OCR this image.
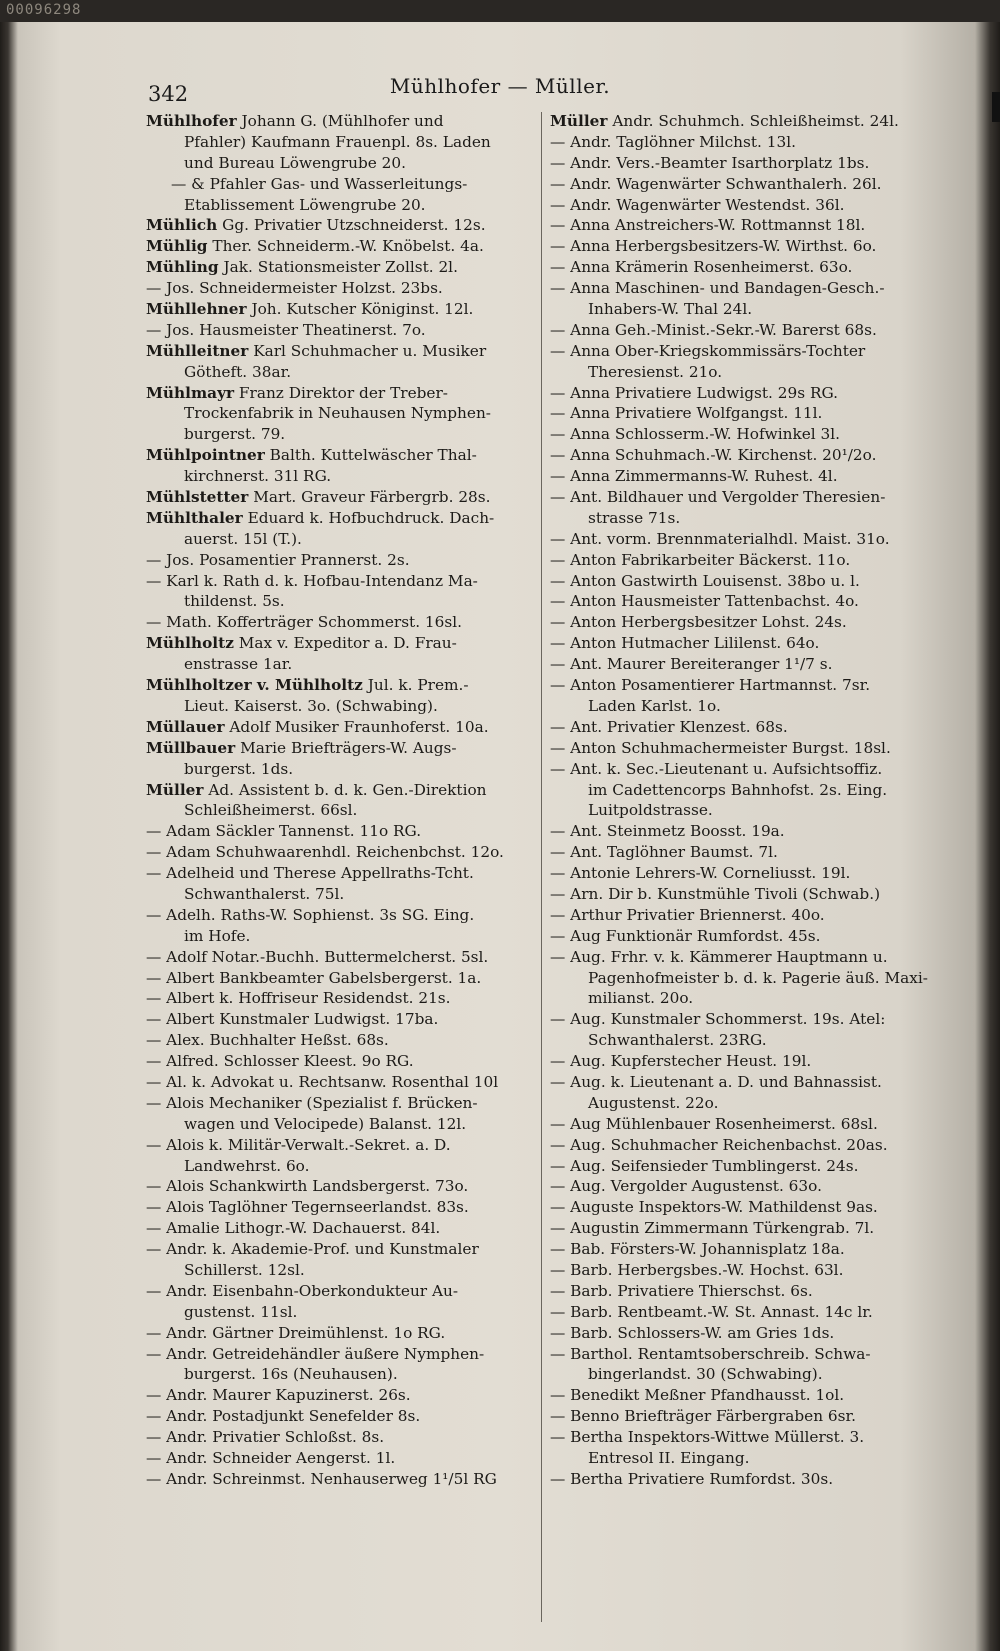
00096298
342	Mühlhofer — Müller.
Mühlhofer Johann G. (Mühlhofer und
Pfahler) Kaufmann Frauenpl. 8s. Laden
und Bureau Löwengrube 20.
— & Pfahler Gas- und Wasserleitungs-
Etablissement Löwengrube 20.
Mühlich Gg. Privatier Utzschneiderst. 12s.
Mühlig Ther. Schneiderm.-W. Knöbelst. 4a.
Mühling Jak. Stationsmeister Zollst. 2l.
— Jos. Schneidermeister Holzst. 23bs.
Mühllehner Joh. Kutscher Königinst. 12l.
— Jos. Hausmeister Theatinerst. 7o.
Mühlleitner Karl Schuhmacher u. Musiker
Götheft. 38ar.
Mühlmayr Franz Direktor der Treber-
Trockenfabrik in Neuhausen Nymphen-
burgerst. 79.
Mühlpointner Balth. Kuttelwäscher Thal-
kirchnerst. 31l RG.
Mühlstetter Mart. Graveur Färbergrb. 28s.
Mühlthaler Eduard k. Hofbuchdruck. Dach-
auerst. 15l (T.).
— Jos. Posamentier Prannerst. 2s.
— Karl k. Rath d. k. Hofbau-Intendanz Ma-
thildenst. 5s.
— Math. Kofferträger Schommerst. 16sl.
Mühlholtz Max v. Expeditor a. D. Frau-
enstrasse 1ar.
Mühlholtzer v. Mühlholtz Jul. k. Prem.-
Lieut. Kaiserst. 3o. (Schwabing).
Müllauer Adolf Musiker Fraunhoferst. 10a.
Müllbauer Marie Briefträgers-W. Augs-
burgerst. 1ds.
Müller Ad. Assistent b. d. k. Gen.-Direktion
Schleißheimerst. 66sl.
— Adam Säckler Tannenst. 11o RG.
— Adam Schuhwaarenhdl. Reichenbchst. 12o.
— Adelheid und Therese Appellraths-Tcht.
Schwanthalerst. 75l.
— Adelh. Raths-W. Sophienst. 3s SG. Eing.
im Hofe.
— Adolf Notar.-Buchh. Buttermelcherst. 5sl.
— Albert Bankbeamter Gabelsbergerst. 1a.
— Albert k. Hoffriseur Residendst. 21s.
— Albert Kunstmaler Ludwigst. 17ba.
— Alex. Buchhalter Heßst. 68s.
— Alfred. Schlosser Kleest. 9o RG.
— Al. k. Advokat u. Rechtsanw. Rosenthal 10l
— Alois Mechaniker (Spezialist f. Brücken-
wagen und Velocipede) Balanst. 12l.
— Alois k. Militär-Verwalt.-Sekret. a. D.
Landwehrst. 6o.
— Alois Schankwirth Landsbergerst. 73o.
— Alois Taglöhner Tegernseerlandst. 83s.
— Amalie Lithogr.-W. Dachauerst. 84l.
— Andr. k. Akademie-Prof. und Kunstmaler
Schillerst. 12sl.
— Andr. Eisenbahn-Oberkondukteur Au-
gustenst. 11sl.
— Andr. Gärtner Dreimühlenst. 1o RG.
— Andr. Getreidehändler äußere Nymphen-
burgerst. 16s (Neuhausen).
— Andr. Maurer Kapuzinerst. 26s.
— Andr. Postadjunkt Senefelder 8s.
— Andr. Privatier Schloßst. 8s.
— Andr. Schneider Aengerst. 1l.
— Andr. Schreinmst. Nenhauserweg 1¹/5l RG
Müller Andr. Schuhmch. Schleißheimst. 24l.
— Andr. Taglöhner Milchst. 13l.
— Andr. Vers.-Beamter Isarthorplatz 1bs.
— Andr. Wagenwärter Schwanthalerh. 26l.
— Andr. Wagenwärter Westendst. 36l.
— Anna Anstreichers-W. Rottmannst 18l.
— Anna Herbergsbesitzers-W. Wirthst. 6o.
— Anna Krämerin Rosenheimerst. 63o.
— Anna Maschinen- und Bandagen-Gesch.-
Inhabers-W. Thal 24l.
— Anna Geh.-Minist.-Sekr.-W. Barerst 68s.
— Anna Ober-Kriegskommissärs-Tochter
Theresienst. 21o.
— Anna Privatiere Ludwigst. 29s RG.
— Anna Privatiere Wolfgangst. 11l.
— Anna Schlosserm.-W. Hofwinkel 3l.
— Anna Schuhmach.-W. Kirchenst. 20¹/2o.
— Anna Zimmermanns-W. Ruhest. 4l.
— Ant. Bildhauer und Vergolder Theresien-
strasse 71s.
— Ant. vorm. Brennmaterialhdl. Maist. 31o.
— Anton Fabrikarbeiter Bäckerst. 11o.
— Anton Gastwirth Louisenst. 38bo u. l.
— Anton Hausmeister Tattenbachst. 4o.
— Anton Herbergsbesitzer Lohst. 24s.
— Anton Hutmacher Lililenst. 64o.
— Ant. Maurer Bereiteranger 1¹/7 s.
— Anton Posamentierer Hartmannst. 7sr.
Laden Karlst. 1o.
— Ant. Privatier Klenzest. 68s.
— Anton Schuhmachermeister Burgst. 18sl.
— Ant. k. Sec.-Lieutenant u. Aufsichtsoffiz.
im Cadettencorps Bahnhofst. 2s. Eing.
Luitpoldstrasse.
— Ant. Steinmetz Boosst. 19a.
— Ant. Taglöhner Baumst. 7l.
— Antonie Lehrers-W. Corneliusst. 19l.
— Arn. Dir b. Kunstmühle Tivoli (Schwab.)
— Arthur Privatier Briennerst. 40o.
— Aug Funktionär Rumfordst. 45s.
— Aug. Frhr. v. k. Kämmerer Hauptmann u.
Pagenhofmeister b. d. k. Pagerie äuß. Maxi-
milianst. 20o.
— Aug. Kunstmaler Schommerst. 19s. Atel:
Schwanthalerst. 23RG.
— Aug. Kupferstecher Heust. 19l.
— Aug. k. Lieutenant a. D. und Bahnassist.
Augustenst. 22o.
— Aug Mühlenbauer Rosenheimerst. 68sl.
— Aug. Schuhmacher Reichenbachst. 20as.
— Aug. Seifensieder Tumblingerst. 24s.
— Aug. Vergolder Augustenst. 63o.
— Auguste Inspektors-W. Mathildenst 9as.
— Augustin Zimmermann Türkengrab. 7l.
— Bab. Försters-W. Johannisplatz 18a.
— Barb. Herbergsbes.-W. Hochst. 63l.
— Barb. Privatiere Thierschst. 6s.
— Barb. Rentbeamt.-W. St. Annast. 14c lr.
— Barb. Schlossers-W. am Gries 1ds.
— Barthol. Rentamtsoberschreib. Schwa-
bingerlandst. 30 (Schwabing).
— Benedikt Meßner Pfandhausst. 1ol.
— Benno Briefträger Färbergraben 6sr.
— Bertha Inspektors-Wittwe Müllerst. 3.
Entresol II. Eingang.
— Bertha Privatiere Rumfordst. 30s.
